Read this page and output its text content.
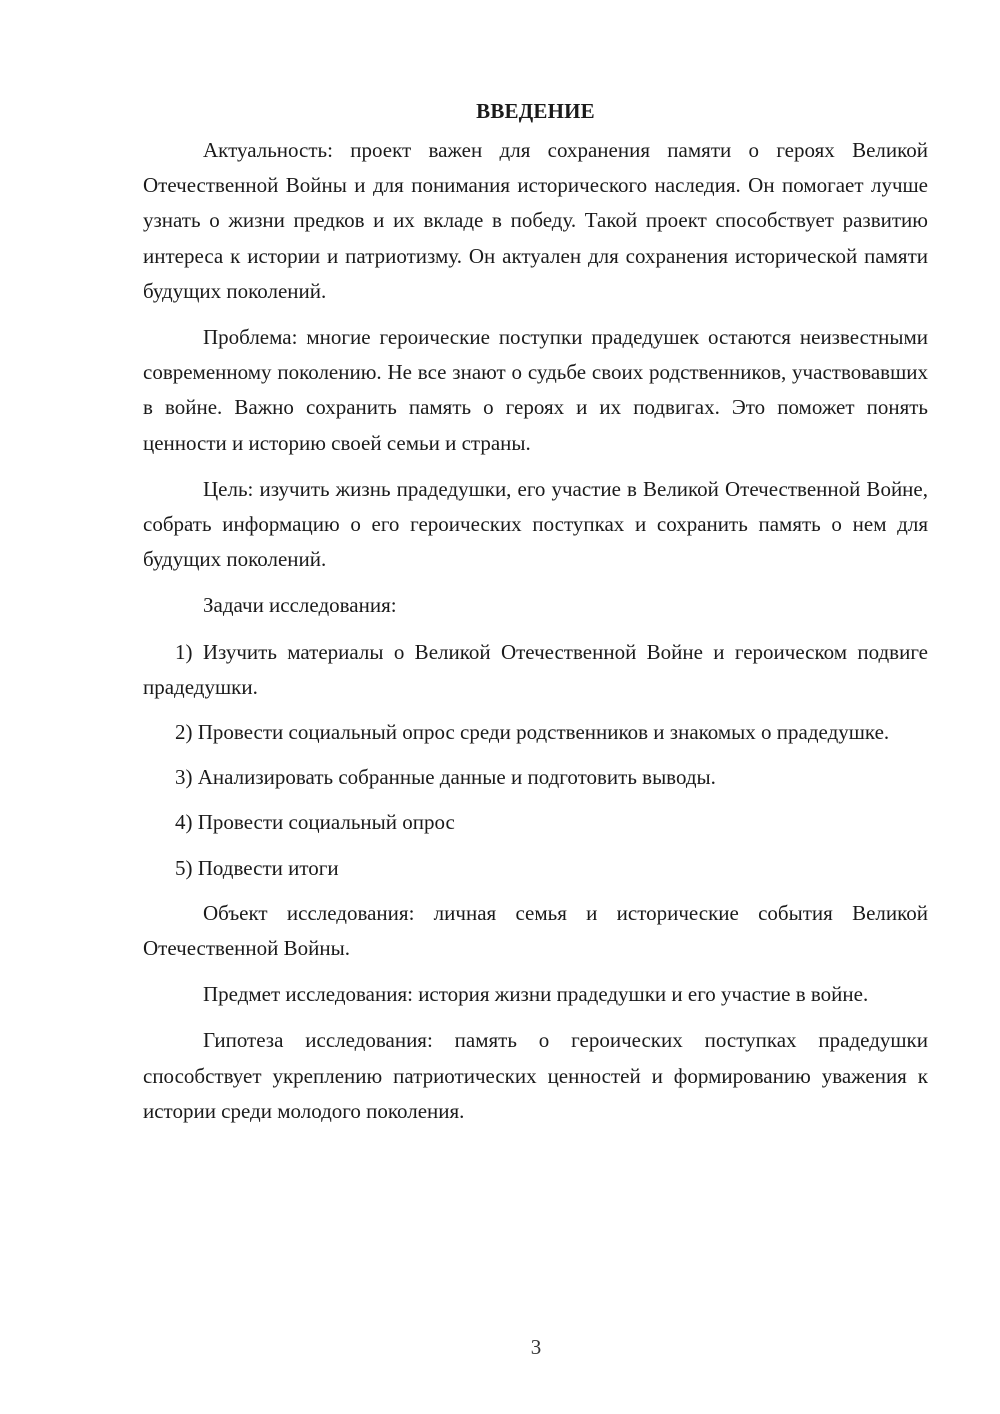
ВВЕДЕНИЕ

Актуальность: проект важен для сохранения памяти о героях Великой Отечественной Войны и для понимания исторического наследия. Он помогает лучше узнать о жизни предков и их вкладе в победу. Такой проект способствует развитию интереса к истории и патриотизму. Он актуален для сохранения исторической памяти будущих поколений.

Проблема: многие героические поступки прадедушек остаются неизвестными современному поколению. Не все знают о судьбе своих родственников, участвовавших в войне. Важно сохранить память о героях и их подвигах. Это поможет понять ценности и историю своей семьи и страны.

Цель: изучить жизнь прадедушки, его участие в Великой Отечественной Войне, собрать информацию о его героических поступках и сохранить память о нем для будущих поколений.

Задачи исследования:

1) Изучить материалы о Великой Отечественной Войне и героическом подвиге прадедушки.

2) Провести социальный опрос среди родственников и знакомых о прадедушке.

3) Анализировать собранные данные и подготовить выводы.

4) Провести социальный опрос

5) Подвести итоги

Объект исследования: личная семья и исторические события Великой Отечественной Войны.

Предмет исследования: история жизни прадедушки и его участие в войне.

Гипотеза исследования: память о героических поступках прадедушки способствует укреплению патриотических ценностей и формированию уважения к истории среди молодого поколения.

3
